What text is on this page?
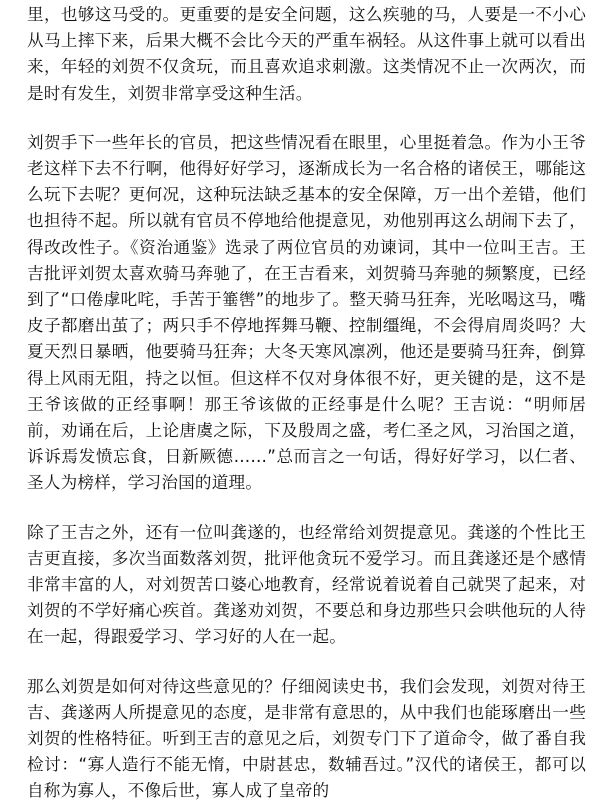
里，也够这马受的。更重要的是安全问题，这么疾驰的马，人要是一不小心从马上摔下来，后果大概不会比今天的严重车祸轻。从这件事上就可以看出来，年轻的刘贺不仅贪玩，而且喜欢追求刺激。这类情况不止一次两次，而是时有发生，刘贺非常享受这种生活。

刘贺手下一些年长的官员，把这些情况看在眼里，心里挺着急。作为小王爷老这样下去不行啊，他得好好学习，逐渐成长为一名合格的诸侯王，哪能这么玩下去呢？更何况，这种玩法缺乏基本的安全保障，万一出个差错，他们也担待不起。所以就有官员不停地给他提意见，劝他别再这么胡闹下去了，得改改性子。《资治通鉴》选录了两位官员的劝谏词，其中一位叫王吉。王吉批评刘贺太喜欢骑马奔驰了，在王吉看来，刘贺骑马奔驰的频繁度，已经到了“口倦虖叱咤，手苦于箠辔”的地步了。整天骑马狂奔，光吆喝这马，嘴皮子都磨出茧了；两只手不停地挥舞马鞭、控制缰绳，不会得肩周炎吗？大夏天烈日暴晒，他要骑马狂奔；大冬天寒风凛冽，他还是要骑马狂奔，倒算得上风雨无阻，持之以恒。但这样不仅对身体很不好，更关键的是，这不是王爷该做的正经事啊！那王爷该做的正经事是什么呢？王吉说：“明师居前，劝诵在后，上论唐虞之际，下及殷周之盛，考仁圣之风，习治国之道，诉诉焉发愤忘食，日新厥德……”总而言之一句话，得好好学习，以仁者、圣人为榜样，学习治国的道理。

除了王吉之外，还有一位叫龚遂的，也经常给刘贺提意见。龚遂的个性比王吉更直接，多次当面数落刘贺，批评他贪玩不爱学习。而且龚遂还是个感情非常丰富的人，对刘贺苦口婆心地教育，经常说着说着自己就哭了起来，对刘贺的不学好痛心疾首。龚遂劝刘贺，不要总和身边那些只会哄他玩的人待在一起，得跟爱学习、学习好的人在一起。

那么刘贺是如何对待这些意见的？仔细阅读史书，我们会发现，刘贺对待王吉、龚遂两人所提意见的态度，是非常有意思的，从中我们也能琢磨出一些刘贺的性格特征。听到王吉的意见之后，刘贺专门下了道命令，做了番自我检讨：“寡人造行不能无惰，中尉甚忠，数辅吾过。”汉代的诸侯王，都可以自称为寡人，不像后世，寡人成了皇帝的
